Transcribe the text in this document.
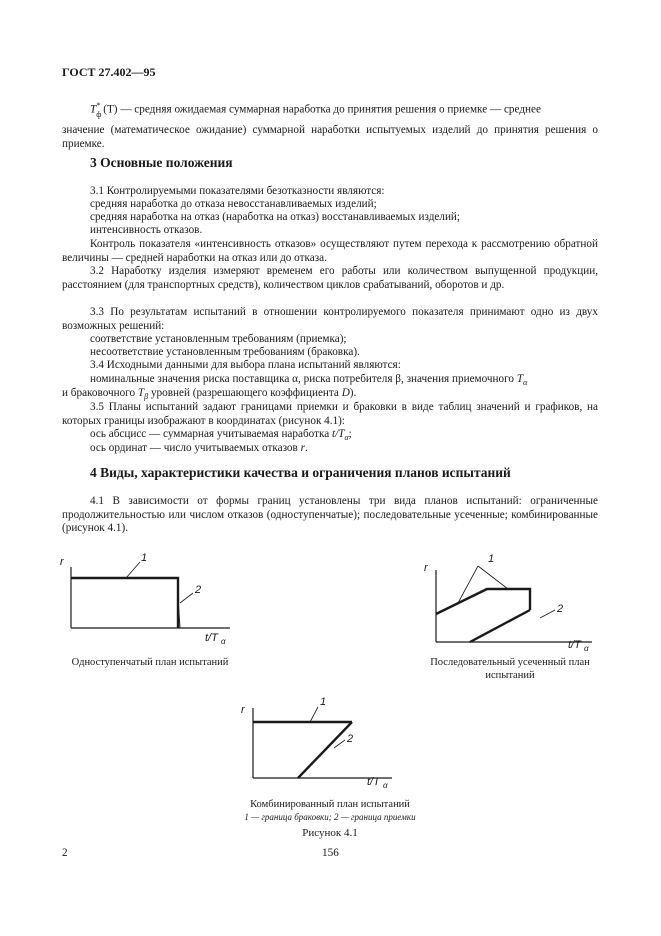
ГОСТ 27.402—95
$T_ф^*$ (T) — средняя ожидаемая суммарная наработка до принятия решения о приемке — среднее
значение (математическое ожидание) суммарной наработки испытуемых изделий до принятия решения о приемке.
3 Основные положения
3.1 Контролируемыми показателями безотказности являются:
средняя наработка до отказа невосстанавливаемых изделий;
средняя наработка на отказ (наработка на отказ) восстанавливаемых изделий;
интенсивность отказов.
Контроль показателя «интенсивность отказов» осуществляют путем перехода к рассмотрению обратной величины — средней наработки на отказ или до отказа.
3.2 Наработку изделия измеряют временем его работы или количеством выпущенной продукции, расстоянием (для транспортных средств), количеством циклов срабатываний, оборотов и др.
3.3 По результатам испытаний в отношении контролируемого показателя принимают одно из двух возможных решений:
соответствие установленным требованиям (приемка);
несоответствие установленным требованиям (браковка).
3.4 Исходными данными для выбора плана испытаний являются:
номинальные значения риска поставщика α, риска потребителя β, значения приемочного $T_\alpha$
и браковочного $T_\beta$ уровней (разрешающего коэффициента D).
3.5 Планы испытаний задают границами приемки и браковки в виде таблиц значений и графиков, на которых границы изображают в координатах (рисунок 4.1):
ось абсцисс — суммарная учитываемая наработка $t/T_\alpha$;
ось ординат — число учитываемых отказов r.
4 Виды, характеристики качества и ограничения планов испытаний
4.1 В зависимости от формы границ установлены три вида планов испытаний: ограниченные продолжительностью или числом отказов (одноступенчатые); последовательные усеченные; комбинированные (рисунок 4.1).
1
2
r
t/T α
1
2
r
t/T α
1
2
r
t/T α
Одноступенчатый план испытаний	Последовательный усеченный план
испытаний
Комбинированный план испытаний
1 — граница браковки; 2 — граница приемки
Рисунок 4.1
2	156
